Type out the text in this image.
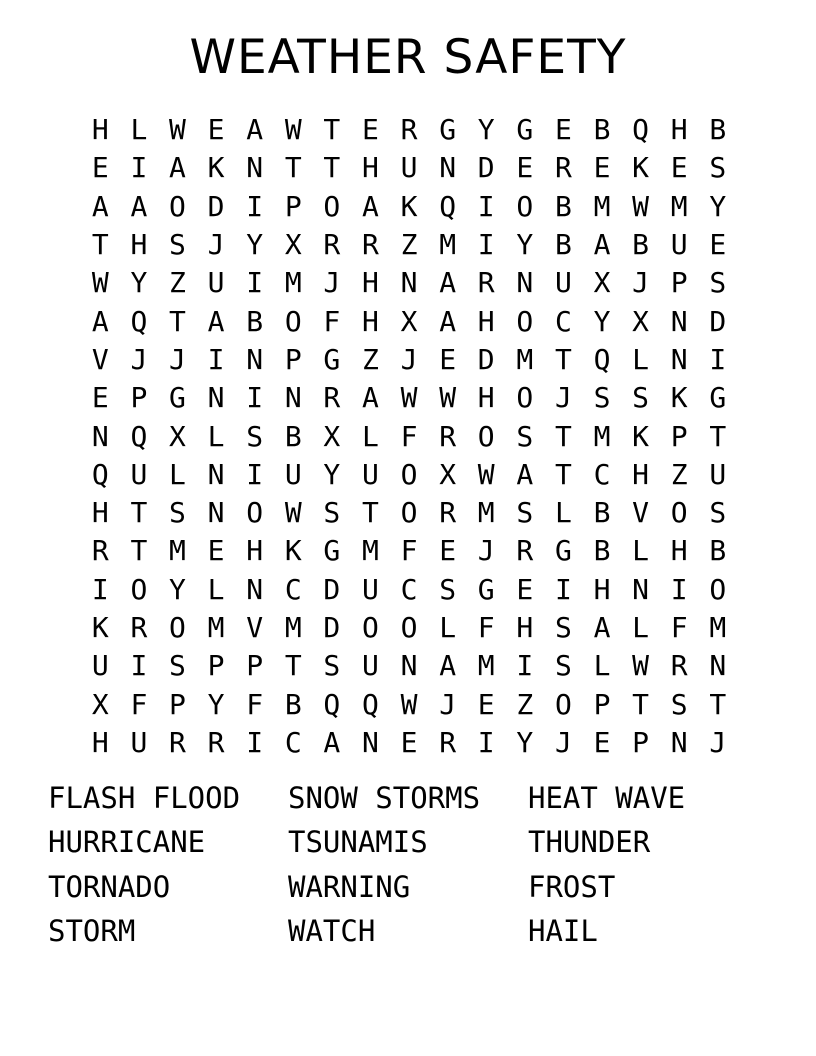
WEATHER SAFETY
H L W E A W T E R G Y G E B Q H B
E I A K N T T H U N D E R E K E S
A A O D I P O A K Q I O B M W M Y
T H S J Y X R R Z M I Y B A B U E
W Y Z U I M J H N A R N U X J P S
A Q T A B O F H X A H O C Y X N D
V J J I N P G Z J E D M T Q L N I
E P G N I N R A W W H O J S S K G
N Q X L S B X L F R O S T M K P T
Q U L N I U Y U O X W A T C H Z U
H T S N O W S T O R M S L B V O S
R T M E H K G M F E J R G B L H B
I O Y L N C D U C S G E I H N I O
K R O M V M D O O L F H S A L F M
U I S P P T S U N A M I S L W R N
X F P Y F B Q Q W J E Z O P T S T
H U R R I C A N E R I Y J E P N J
FLASH FLOOD
HURRICANE
TORNADO
STORM
SNOW STORMS
TSUNAMIS
WARNING
WATCH
HEAT WAVE
THUNDER
FROST
HAIL
